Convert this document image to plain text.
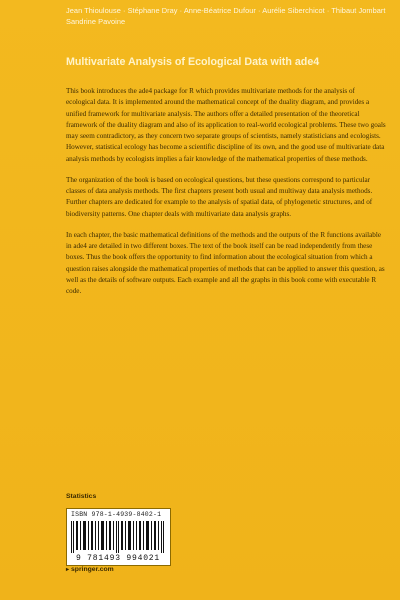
Jean Thioulouse · Stéphane Dray · Anne-Béatrice Dufour · Aurélie Siberchicot · Thibaut Jombart
Sandrine Pavoine
Multivariate Analysis of Ecological Data with ade4

This book introduces the ade4 package for R which provides multivariate methods for the analysis of ecological data. It is implemented around the mathematical concept of the duality diagram, and provides a unified framework for multivariate analysis. The authors offer a detailed presentation of the theoretical framework of the duality diagram and also of its application to real-world ecological problems. These two goals may seem contradictory, as they concern two separate groups of scientists, namely statisticians and ecologists. However, statistical ecology has become a scientific discipline of its own, and the good use of multivariate data analysis methods by ecologists implies a fair knowledge of the mathematical properties of these methods.

The organization of the book is based on ecological questions, but these questions correspond to particular classes of data analysis methods. The first chapters present both usual and multiway data analysis methods. Further chapters are dedicated for example to the analysis of spatial data, of phylogenetic structures, and of biodiversity patterns. One chapter deals with multivariate data analysis graphs.

In each chapter, the basic mathematical definitions of the methods and the outputs of the R functions available in ade4 are detailed in two different boxes. The text of the book itself can be read independently from these boxes. Thus the book offers the opportunity to find information about the ecological situation from which a question raises alongside the mathematical properties of methods that can be applied to answer this question, as well as the details of software outputs. Each example and all the graphs in this book come with executable R code.

Statistics
ISBN 978-1-4939-8402-1
9 781493 994021
▸ springer.com
